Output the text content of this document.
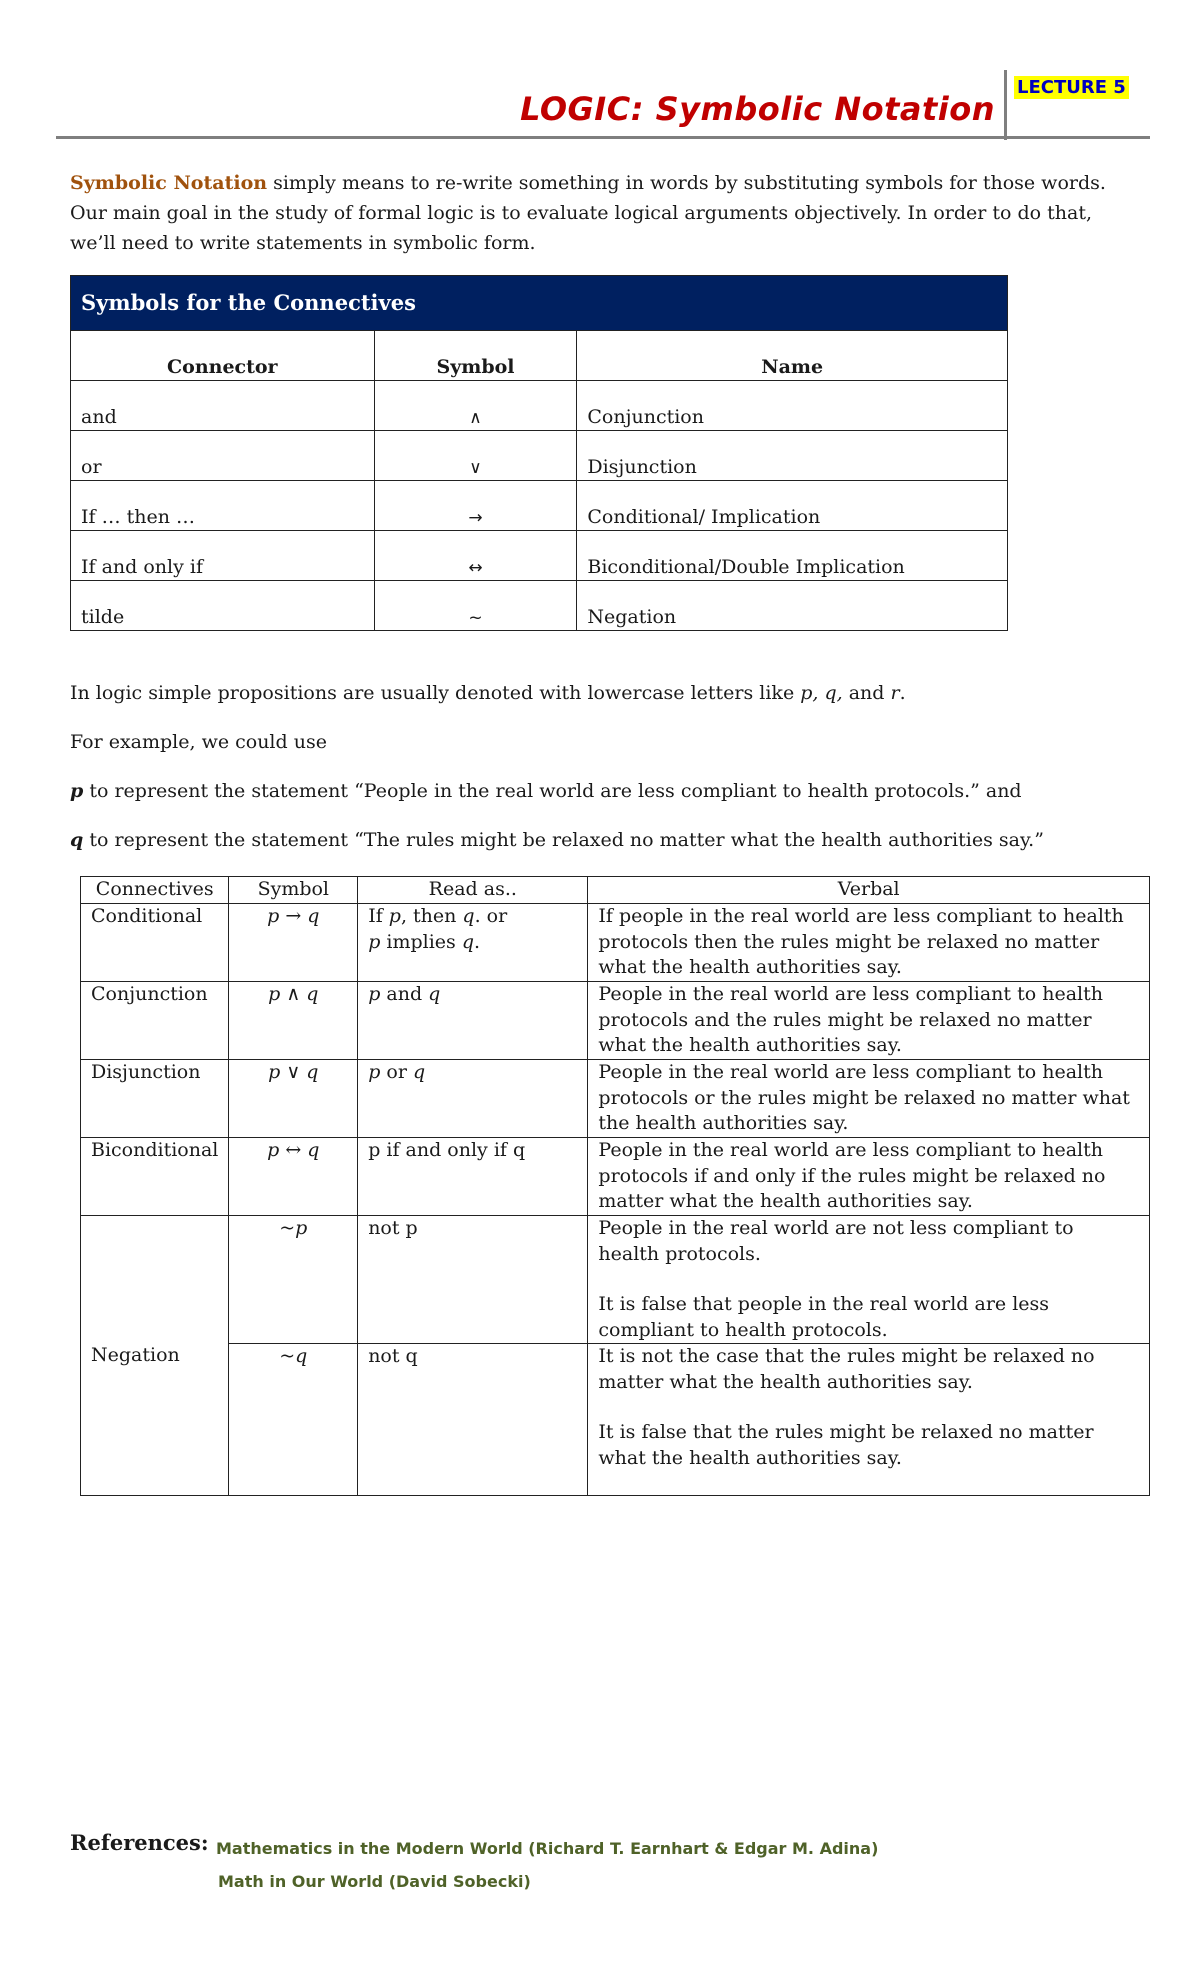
LOGIC: Symbolic Notation
LECTURE 5
Symbolic Notation simply means to re-write something in words by substituting symbols for those words.
Our main goal in the study of formal logic is to evaluate logical arguments objectively. In order to do that, we’ll need to write statements in symbolic form.
Symbols for the Connectives		
Connector	Symbol	Name
and	∧	Conjunction
or	∨	Disjunction
If … then …	→	Conditional/ Implication
If and only if	↔	Biconditional/Double Implication
tilde	~	Negation
In logic simple propositions are usually denoted with lowercase letters like p, q, and r.
For example, we could use
p to represent the statement “People in the real world are less compliant to health protocols.” and
q to represent the statement “The rules might be relaxed no matter what the health authorities say.”
Connectives	Symbol	Read as..	Verbal
Conditional	p → q	If p, then q. or
p implies q.	If people in the real world are less compliant to health protocols then the rules might be relaxed no matter what the health authorities say.
Conjunction	p ∧ q	p and q	People in the real world are less compliant to health protocols and the rules might be relaxed no matter what the health authorities say.
Disjunction	p ∨ q	p or q	People in the real world are less compliant to health protocols or the rules might be relaxed no matter what the health authorities say.
Biconditional	p ↔ q	p if and only if q	People in the real world are less compliant to health protocols if and only if the rules might be relaxed no matter what the health authorities say.
Negation	~p	not p	People in the real world are not less compliant to health protocols.
It is false that people in the real world are less compliant to health protocols.

	~q	not q	It is not the case that the rules might be relaxed no matter what the health authorities say.
It is false that the rules might be relaxed no matter what the health authorities say.
References: Mathematics in the Modern World (Richard T. Earnhart & Edgar M. Adina)
Math in Our World (David Sobecki)
